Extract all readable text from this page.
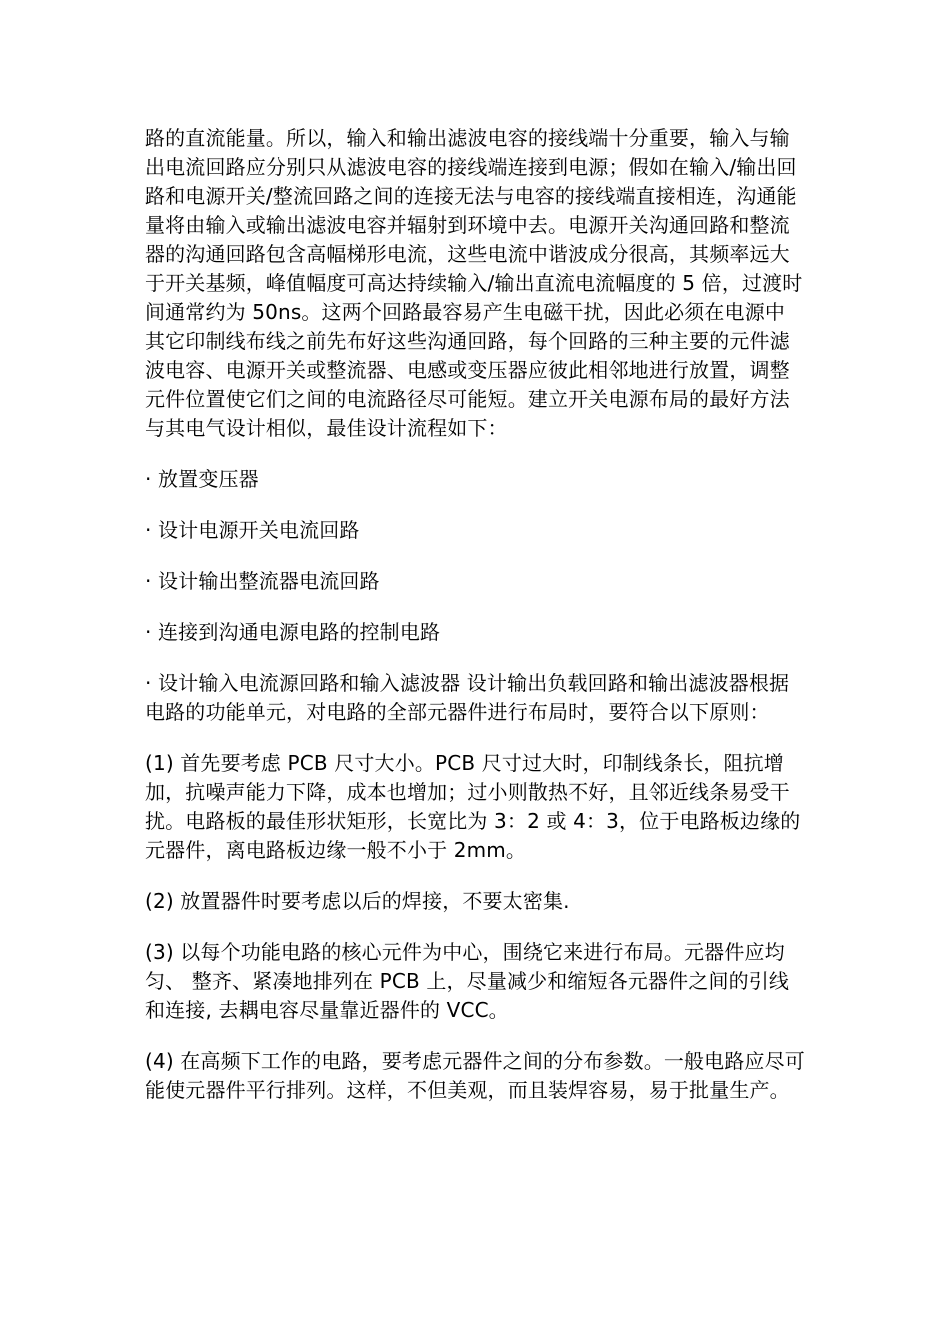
路的直流能量。所以，输入和输出滤波电容的接线端十分重要，输入与输出电流回路应分别只从滤波电容的接线端连接到电源；假如在输入/输出回路和电源开关/整流回路之间的连接无法与电容的接线端直接相连，沟通能量将由输入或输出滤波电容并辐射到环境中去。电源开关沟通回路和整流器的沟通回路包含高幅梯形电流，这些电流中谐波成分很高，其频率远大于开关基频，峰值幅度可高达持续输入/输出直流电流幅度的 5 倍，过渡时间通常约为 50ns。这两个回路最容易产生电磁干扰，因此必须在电源中其它印制线布线之前先布好这些沟通回路，每个回路的三种主要的元件滤波电容、电源开关或整流器、电感或变压器应彼此相邻地进行放置，调整元件位置使它们之间的电流路径尽可能短。建立开关电源布局的最好方法与其电气设计相似，最佳设计流程如下：

· 放置变压器

· 设计电源开关电流回路

· 设计输出整流器电流回路

· 连接到沟通电源电路的控制电路

· 设计输入电流源回路和输入滤波器 设计输出负载回路和输出滤波器根据电路的功能单元，对电路的全部元器件进行布局时，要符合以下原则：

(1) 首先要考虑 PCB 尺寸大小。PCB 尺寸过大时，印制线条长，阻抗增加，抗噪声能力下降，成本也增加；过小则散热不好，且邻近线条易受干扰。电路板的最佳形状矩形，长宽比为 3：2 或 4：3，位于电路板边缘的元器件，离电路板边缘一般不小于 2mm。

(2) 放置器件时要考虑以后的焊接，不要太密集.

(3) 以每个功能电路的核心元件为中心，围绕它来进行布局。元器件应均匀、 整齐、紧凑地排列在 PCB 上，尽量减少和缩短各元器件之间的引线和连接, 去耦电容尽量靠近器件的 VCC。

(4) 在高频下工作的电路，要考虑元器件之间的分布参数。一般电路应尽可能使元器件平行排列。这样，不但美观，而且装焊容易，易于批量生产。
